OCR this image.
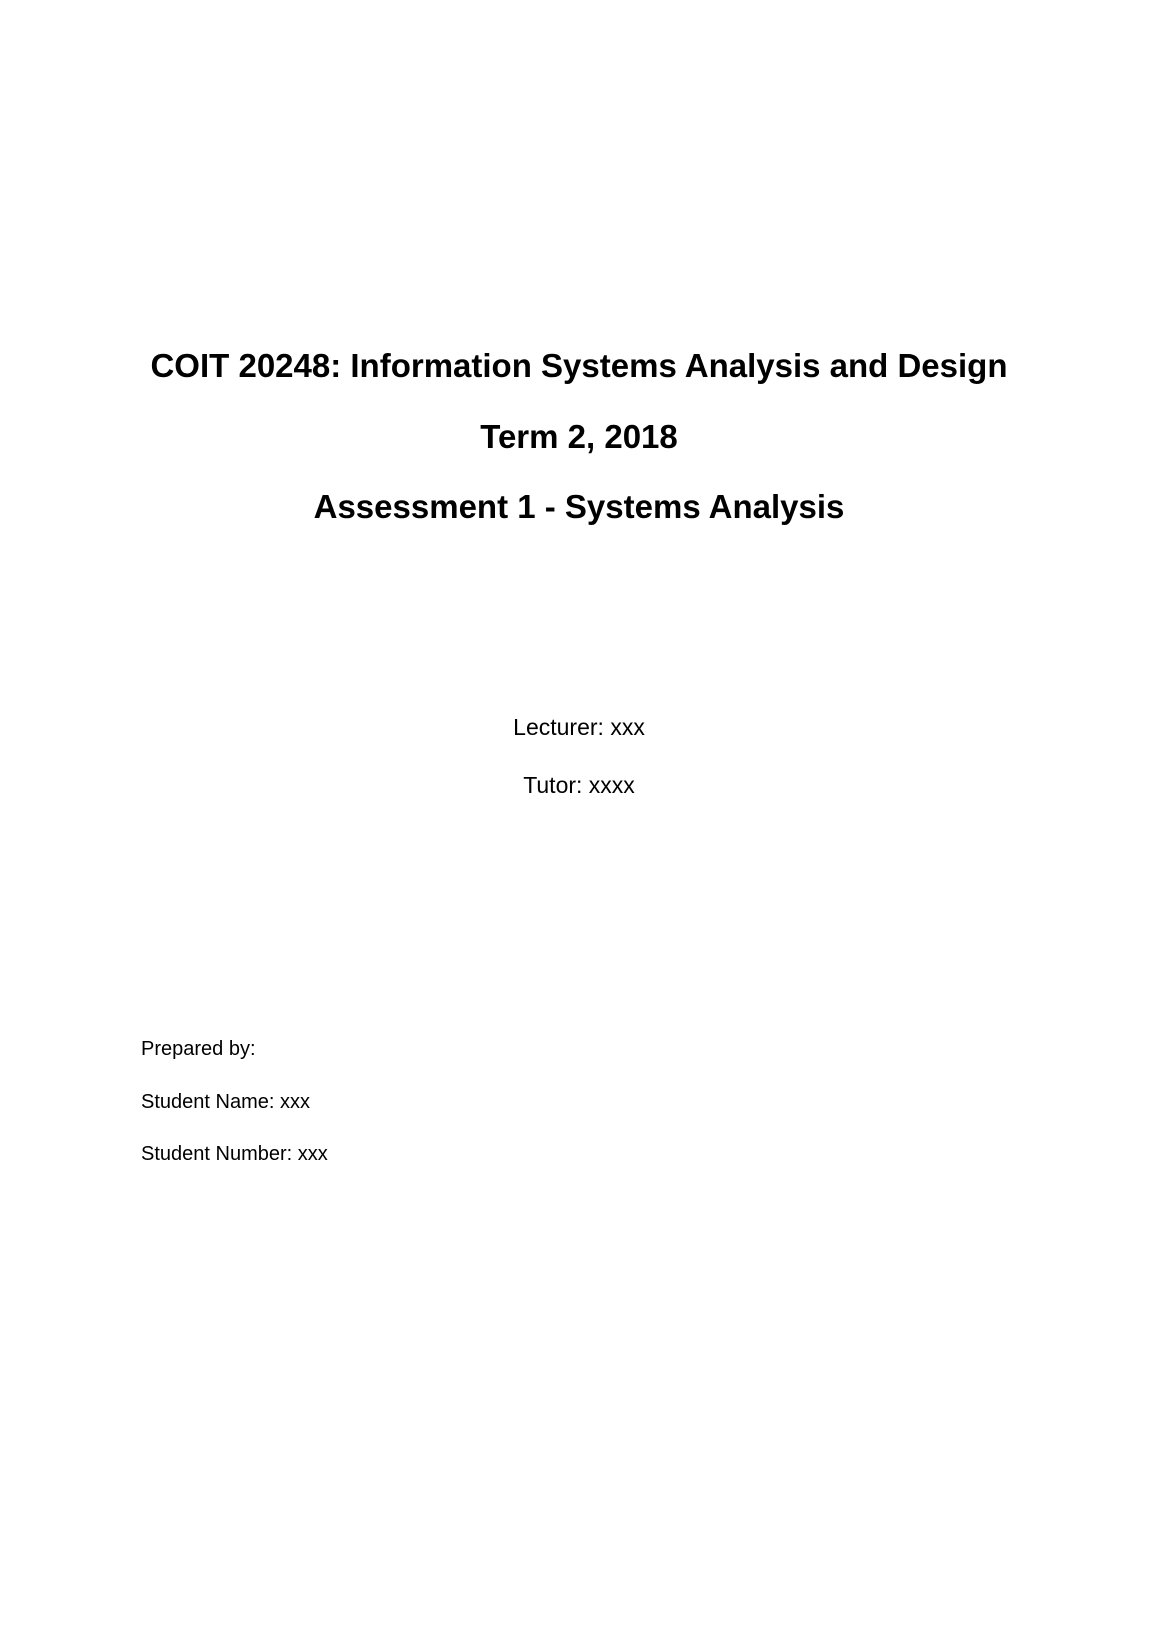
COIT 20248: Information Systems Analysis and Design
Term 2, 2018
Assessment 1 - Systems Analysis
Lecturer: xxx
Tutor: xxxx
Prepared by:
Student Name: xxx
Student Number: xxx
